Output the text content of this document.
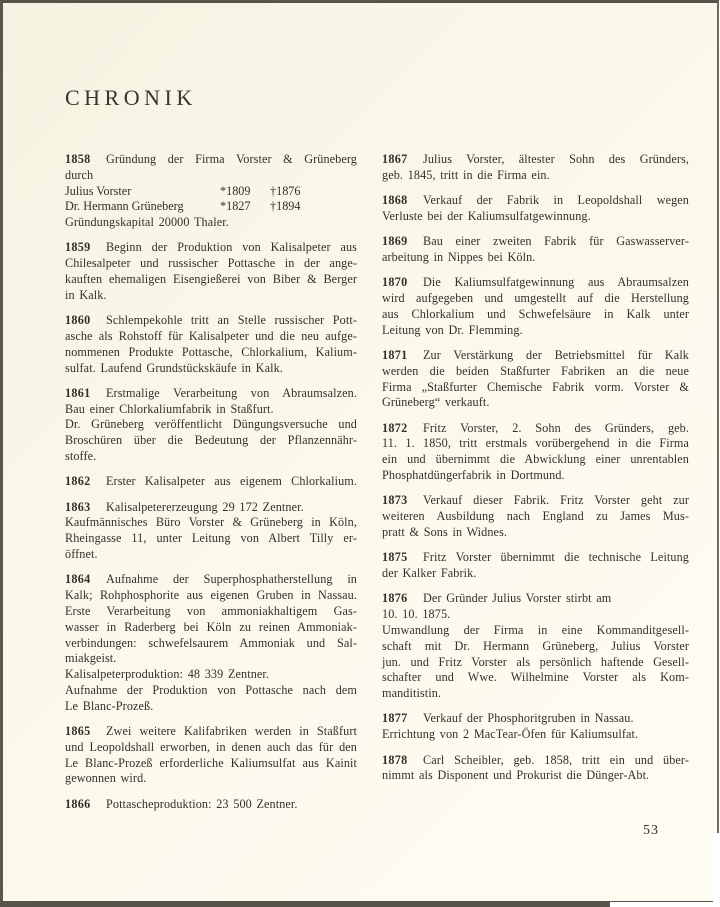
CHRONIK
1858 Gründung der Firma Vorster & Grüneberg
durch
Julius Vorster	*1809	†1876
Dr. Hermann Grüneberg	*1827	†1894
Gründungskapital 20000 Thaler.
1859 Beginn der Produktion von Kalisalpeter aus
Chilesalpeter und russischer Pottasche in der ange-
kauften ehemaligen Eisengießerei von Biber & Berger
in Kalk.
1860 Schlempekohle tritt an Stelle russischer Pott-
asche als Rohstoff für Kalisalpeter und die neu aufge-
nommenen Produkte Pottasche, Chlorkalium, Kalium-
sulfat. Laufend Grundstückskäufe in Kalk.
1861 Erstmalige Verarbeitung von Abraumsalzen.
Bau einer Chlorkaliumfabrik in Staßfurt.
Dr. Grüneberg veröffentlicht Düngungsversuche und
Broschüren über die Bedeutung der Pflanzennähr-
stoffe.
1862 Erster Kalisalpeter aus eigenem Chlorkalium.
1863 Kalisalpetererzeugung 29 172 Zentner.
Kaufmännisches Büro Vorster & Grüneberg in Köln,
Rheingasse 11, unter Leitung von Albert Tilly er-
öffnet.
1864 Aufnahme der Superphosphatherstellung in
Kalk; Rohphosphorite aus eigenen Gruben in Nassau.
Erste Verarbeitung von ammoniakhaltigem Gas-
wasser in Raderberg bei Köln zu reinen Ammoniak-
verbindungen: schwefelsaurem Ammoniak und Sal-
miakgeist.
Kalisalpeterproduktion: 48 339 Zentner.
Aufnahme der Produktion von Pottasche nach dem
Le Blanc-Prozeß.
1865 Zwei weitere Kalifabriken werden in Staßfurt
und Leopoldshall erworben, in denen auch das für den
Le Blanc-Prozeß erforderliche Kaliumsulfat aus Kainit
gewonnen wird.
1866 Pottascheproduktion: 23 500 Zentner.
1867 Julius Vorster, ältester Sohn des Gründers,
geb. 1845, tritt in die Firma ein.
1868 Verkauf der Fabrik in Leopoldshall wegen
Verluste bei der Kaliumsulfatgewinnung.
1869 Bau einer zweiten Fabrik für Gaswasserver-
arbeitung in Nippes bei Köln.
1870 Die Kaliumsulfatgewinnung aus Abraumsalzen
wird aufgegeben und umgestellt auf die Herstellung
aus Chlorkalium und Schwefelsäure in Kalk unter
Leitung von Dr. Flemming.
1871 Zur Verstärkung der Betriebsmittel für Kalk
werden die beiden Staßfurter Fabriken an die neue
Firma „Staßfurter Chemische Fabrik vorm. Vorster &
Grüneberg“ verkauft.
1872 Fritz Vorster, 2. Sohn des Gründers, geb.
11. 1. 1850, tritt erstmals vorübergehend in die Firma
ein und übernimmt die Abwicklung einer unrentablen
Phosphatdüngerfabrik in Dortmund.
1873 Verkauf dieser Fabrik. Fritz Vorster geht zur
weiteren Ausbildung nach England zu James Mus-
pratt & Sons in Widnes.
1875 Fritz Vorster übernimmt die technische Leitung
der Kalker Fabrik.
1876 Der Gründer Julius Vorster stirbt am
10. 10. 1875.
Umwandlung der Firma in eine Kommanditgesell-
schaft mit Dr. Hermann Grüneberg, Julius Vorster
jun. und Fritz Vorster als persönlich haftende Gesell-
schafter und Wwe. Wilhelmine Vorster als Kom-
manditistin.
1877 Verkauf der Phosphoritgruben in Nassau.
Errichtung von 2 MacTear-Öfen für Kaliumsulfat.
1878 Carl Scheibler, geb. 1858, tritt ein und über-
nimmt als Disponent und Prokurist die Dünger-Abt.
53
